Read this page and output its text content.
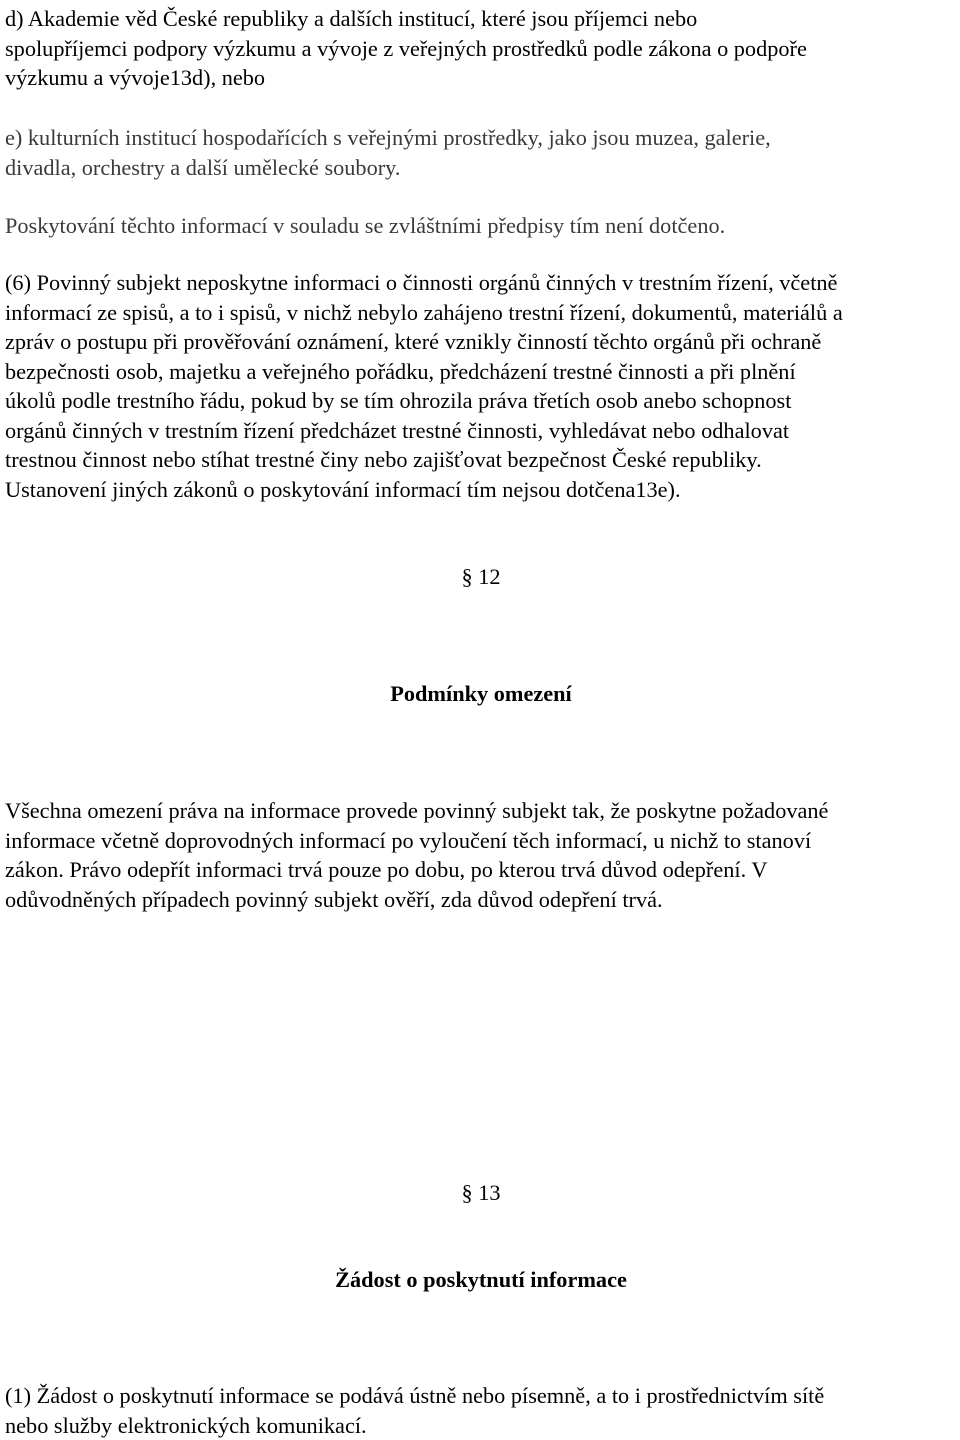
d) Akademie věd České republiky a dalších institucí, které jsou příjemci nebo
spolupříjemci podpory výzkumu a vývoje z veřejných prostředků podle zákona o podpoře
výzkumu a vývoje13d), nebo

e) kulturních institucí hospodařících s veřejnými prostředky, jako jsou muzea, galerie,
divadla, orchestry a další umělecké soubory.

Poskytování těchto informací v souladu se zvláštními předpisy tím není dotčeno.

(6) Povinný subjekt neposkytne informaci o činnosti orgánů činných v trestním řízení, včetně
informací ze spisů, a to i spisů, v nichž nebylo zahájeno trestní řízení, dokumentů, materiálů a
zpráv o postupu při prověřování oznámení, které vznikly činností těchto orgánů při ochraně
bezpečnosti osob, majetku a veřejného pořádku, předcházení trestné činnosti a při plnění
úkolů podle trestního řádu, pokud by se tím ohrozila práva třetích osob anebo schopnost
orgánů činných v trestním řízení předcházet trestné činnosti, vyhledávat nebo odhalovat
trestnou činnost nebo stíhat trestné činy nebo zajišťovat bezpečnost České republiky.
Ustanovení jiných zákonů o poskytování informací tím nejsou dotčena13e).

§ 12
Podmínky omezení

Všechna omezení práva na informace provede povinný subjekt tak, že poskytne požadované
informace včetně doprovodných informací po vyloučení těch informací, u nichž to stanoví
zákon. Právo odepřít informaci trvá pouze po dobu, po kterou trvá důvod odepření. V
odůvodněných případech povinný subjekt ověří, zda důvod odepření trvá.

§ 13
Žádost o poskytnutí informace

(1) Žádost o poskytnutí informace se podává ústně nebo písemně, a to i prostřednictvím sítě
nebo služby elektronických komunikací.
